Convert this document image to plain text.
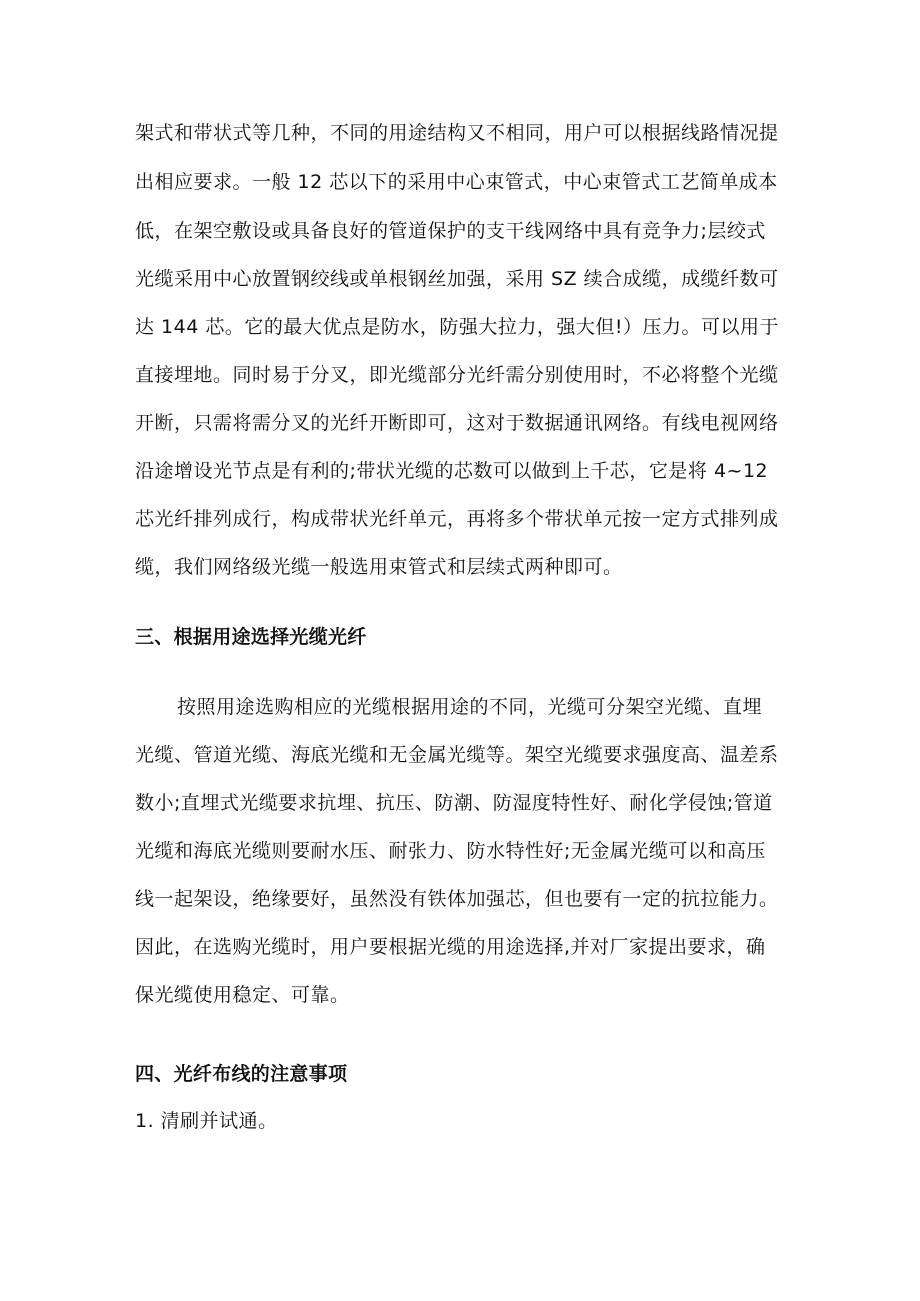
架式和带状式等几种，不同的用途结构又不相同，用户可以根据线路情况提
出相应要求。一般 12 芯以下的采用中心束管式，中心束管式工艺简单成本
低，在架空敷设或具备良好的管道保护的支干线网络中具有竞争力;层绞式
光缆采用中心放置钢绞线或单根钢丝加强，采用 SZ 续合成缆，成缆纤数可
达 144 芯。它的最大优点是防水，防强大拉力，强大但!）压力。可以用于
直接埋地。同时易于分叉，即光缆部分光纤需分别使用时，不必将整个光缆
开断，只需将需分叉的光纤开断即可，这对于数据通讯网络。有线电视网络
沿途增设光节点是有利的;带状光缆的芯数可以做到上千芯，它是将 4~12
芯光纤排列成行，构成带状光纤单元，再将多个带状单元按一定方式排列成
缆，我们网络级光缆一般选用束管式和层续式两种即可。
三、根据用途选择光缆光纤
按照用途选购相应的光缆根据用途的不同，光缆可分架空光缆、直埋
光缆、管道光缆、海底光缆和无金属光缆等。架空光缆要求强度高、温差系
数小;直埋式光缆要求抗埋、抗压、防潮、防湿度特性好、耐化学侵蚀;管道
光缆和海底光缆则要耐水压、耐张力、防水特性好;无金属光缆可以和高压
线一起架设，绝缘要好，虽然没有铁体加强芯，但也要有一定的抗拉能力。
因此，在选购光缆时，用户要根据光缆的用途选择,并对厂家提出要求，确
保光缆使用稳定、可靠。
四、光纤布线的注意事项
1. 清刷并试通。
